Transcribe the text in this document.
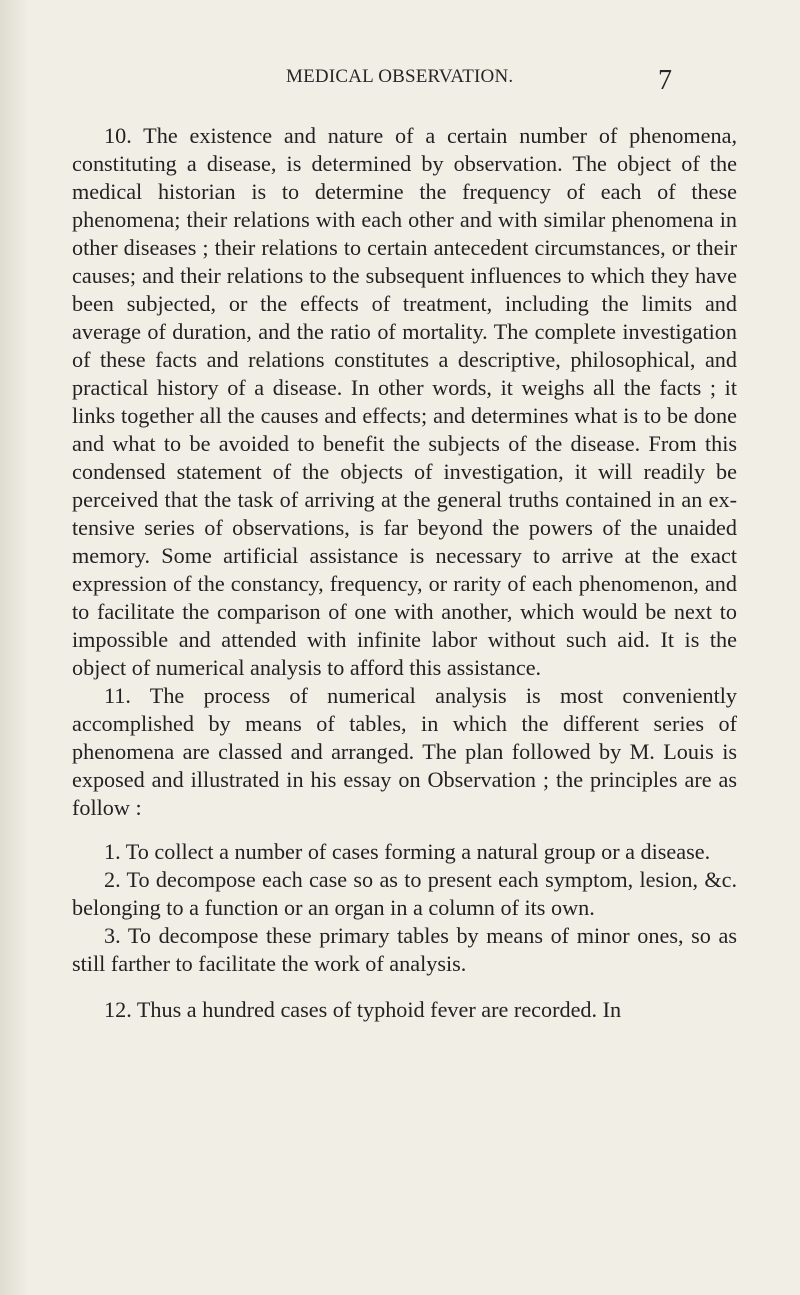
MEDICAL OBSERVATION.	7

10. The existence and nature of a certain number of phenomena, constituting a disease, is determined by observation. The object of the medical historian is to determine the frequency of each of these phenomena; their relations with each other and with similar phenomena in other diseases ; their relations to certain antecedent circumstances, or their causes; and their relations to the subsequent influences to which they have been subjected, or the effects of treatment, including the limits and average of duration, and the ratio of mortality. The complete investigation of these facts and relations constitutes a descriptive, philosophical, and practical history of a disease. In other words, it weighs all the facts ; it links together all the causes and effects; and determines what is to be done and what to be avoided to benefit the subjects of the disease. From this condensed statement of the objects of investigation, it will readily be perceived that the task of arriving at the general truths contained in an extensive series of observations, is far beyond the powers of the unaided memory. Some artificial assistance is necessary to arrive at the exact expression of the constancy, frequency, or rarity of each phenomenon, and to facilitate the comparison of one with another, which would be next to impossible and attended with infinite labor without such aid. It is the object of numerical analysis to afford this assistance.

11. The process of numerical analysis is most conveniently accomplished by means of tables, in which the different series of phenomena are classed and arranged. The plan followed by M. Louis is exposed and illustrated in his essay on Observation ; the principles are as follow :

1. To collect a number of cases forming a natural group or a disease.

2. To decompose each case so as to present each symptom, lesion, &c. belonging to a function or an organ in a column of its own.

3. To decompose these primary tables by means of minor ones, so as still farther to facilitate the work of analysis.

12. Thus a hundred cases of typhoid fever are recorded. In
